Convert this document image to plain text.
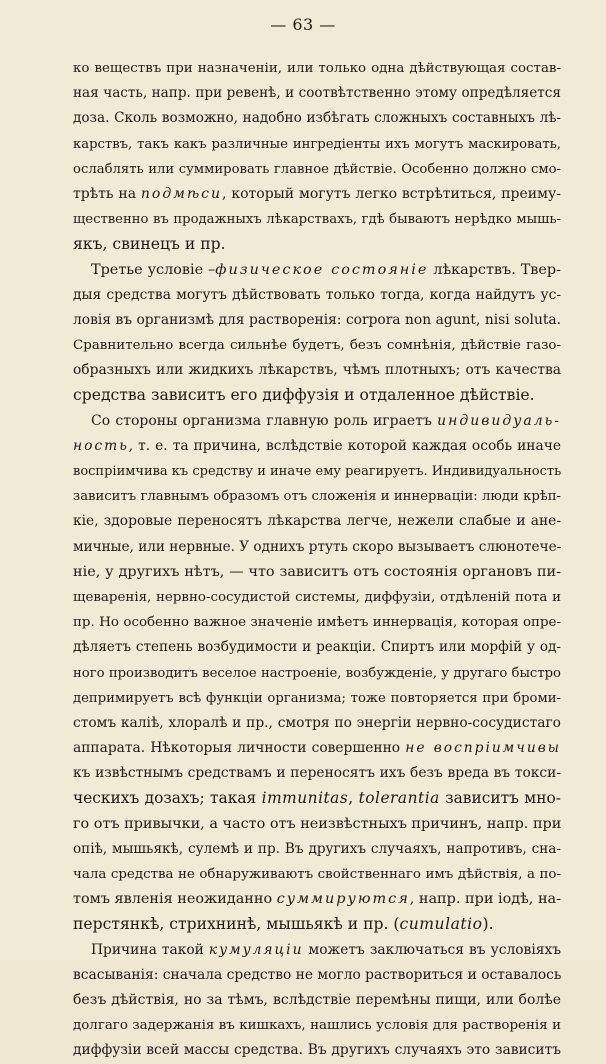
— 63 —
ко веществъ при назначеніи, или только одна дѣйствующая состав-
ная часть, напр. при ревенѣ, и соотвѣтственно этому опредѣляется
доза. Сколь возможно, надобно избѣгать сложныхъ составныхъ лѣ-
карствъ, такъ какъ различные ингредіенты ихъ могутъ маскировать,
ослаблять или суммировать главное дѣйствіе. Особенно должно смо-
трѣть на подмѣси, который могутъ легко встрѣтиться, преиму-
щественно въ продажныхъ лѣкарствахъ, гдѣ бываютъ нерѣдко мышь-
якъ, свинецъ и пр.
Третье условіе –физическое состояніе лѣкарствъ. Твер-
дыя средства могутъ дѣйствовать только тогда, когда найдутъ ус-
ловія въ организмѣ для растворенія: corpora non agunt, nisi soluta.
Сравнительно всегда сильнѣе будетъ, безъ сомнѣнія, дѣйствіе газо-
образныхъ или жидкихъ лѣкарствъ, чѣмъ плотныхъ; отъ качества
средства зависитъ его диффузія и отдаленное дѣйствіе.
Со стороны организма главную роль играетъ индивидуаль-
ность, т. е. та причина, вслѣдствіе которой каждая особь иначе
воспріимчива къ средству и иначе ему реагируетъ. Индивидуальность
зависитъ главнымъ образомъ отъ сложенія и иннерваціи: люди крѣп-
кіе, здоровые переносятъ лѣкарства легче, нежели слабые и ане-
мичные, или нервные. У однихъ ртуть скоро вызываетъ слюнотече-
ніе, у другихъ нѣтъ, — что зависитъ отъ состоянія органовъ пи-
щеваренія, нервно-сосудистой системы, диффузіи, отдѣленій пота и
пр. Но особенно важное значеніе имѣетъ иннервація, которая опре-
дѣляетъ степень возбудимости и реакціи. Спиртъ или морфій у од-
ного производитъ веселое настроеніе, возбужденіе, у другаго быстро
депримируетъ всѣ функціи организма; тоже повторяется при броми-
стомъ каліѣ, хлоралѣ и пр., смотря по энергіи нервно-сосудистаго
аппарата. Нѣкоторыя личности совершенно не воспріимчивы
къ извѣстнымъ средствамъ и переносятъ ихъ безъ вреда въ токси-
ческихъ дозахъ; такая immunitas, tolerantia зависитъ мно-
го отъ привычки, а часто отъ неизвѣстныхъ причинъ, напр. при
опіѣ, мышьякѣ, сулемѣ и пр. Въ другихъ случаяхъ, напротивъ, сна-
чала средства не обнаруживаютъ свойственнаго имъ дѣйствія, а по-
томъ явленія неожиданно суммируются, напр. при іодѣ, на-
перстянкѣ, стрихнинѣ, мышьякѣ и пр. (cumulatio).
Причина такой кумуляціи можетъ заключаться въ условіяхъ
всасыванія: сначала средство не могло раствориться и оставалось
безъ дѣйствія, но за тѣмъ, вслѣдствіе перемѣны пищи, или болѣе
долгаго задержанія въ кишкахъ, нашлись условія для растворенія и
диффузіи всей массы средства. Въ другихъ случаяхъ это зависитъ
